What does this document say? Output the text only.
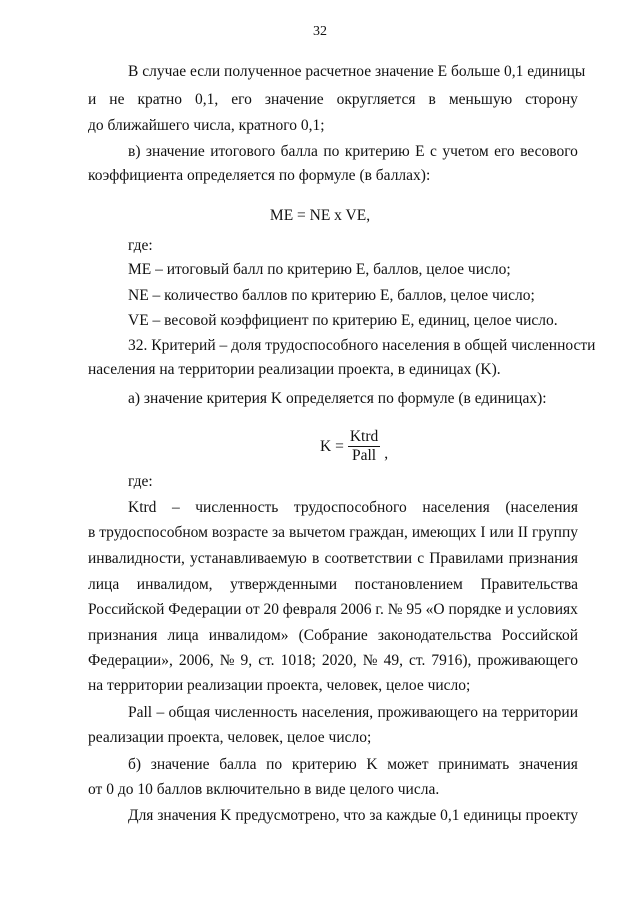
32
В случае если полученное расчетное значение Е больше 0,1 единицы
и не кратно 0,1, его значение округляется в меньшую сторону
до ближайшего числа, кратного 0,1;
в) значение итогового балла по критерию Е с учетом его весового
коэффициента определяется по формуле (в баллах):
МЕ = NE x VE,
где:
МЕ – итоговый балл по критерию Е, баллов, целое число;
NE – количество баллов по критерию Е, баллов, целое число;
VE – весовой коэффициент по критерию Е, единиц, целое число.
32. Критерий – доля трудоспособного населения в общей численности
населения на территории реализации проекта, в единицах (K).
а) значение критерия K определяется по формуле (в единицах):
$K = \frac{\text{Ktrd}}{\text{Pall}}$ ,
где:
Ktrd – численность трудоспособного населения (населения
в трудоспособном возрасте за вычетом граждан, имеющих I или II группу
инвалидности, устанавливаемую в соответствии с Правилами признания
лица инвалидом, утвержденными постановлением Правительства
Российской Федерации от 20 февраля 2006 г. № 95 «О порядке и условиях
признания лица инвалидом» (Собрание законодательства Российской
Федерации», 2006, № 9, ст. 1018; 2020, № 49, ст. 7916), проживающего
на территории реализации проекта, человек, целое число;
Pall – общая численность населения, проживающего на территории
реализации проекта, человек, целое число;
б) значение балла по критерию K может принимать значения
от 0 до 10 баллов включительно в виде целого числа.
Для значения K предусмотрено, что за каждые 0,1 единицы проекту
